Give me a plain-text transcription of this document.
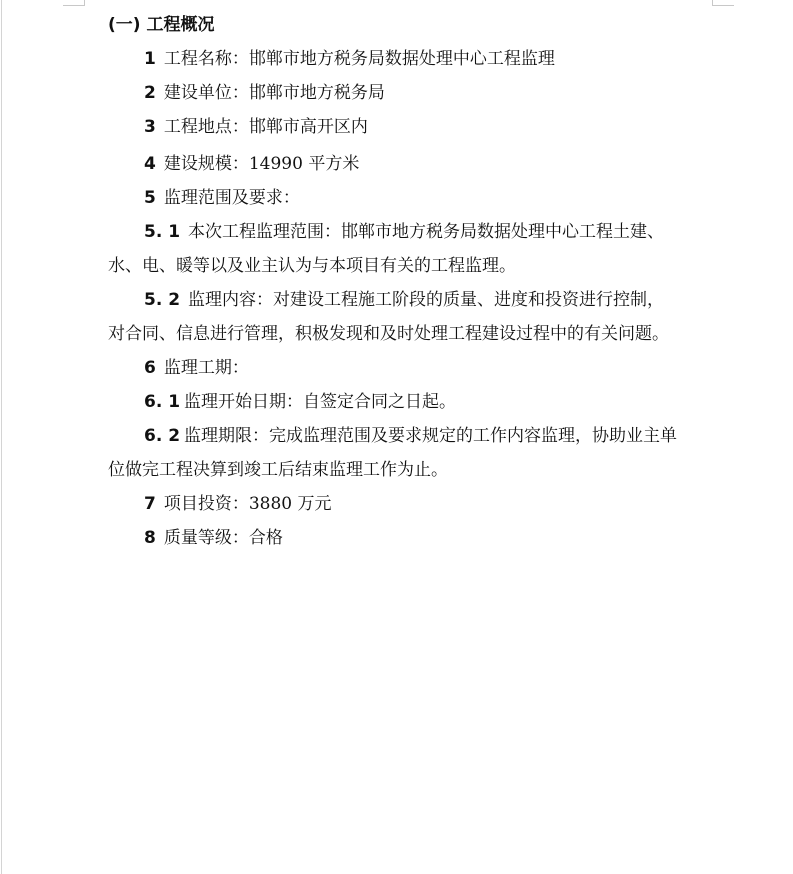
(一) 工程概况
1 工程名称：邯郸市地方税务局数据处理中心工程监理
2 建设单位：邯郸市地方税务局
3 工程地点：邯郸市高开区内
4 建设规模：14990 平方米
5 监理范围及要求：
5. 1 本次工程监理范围：邯郸市地方税务局数据处理中心工程土建、
水、电、暖等以及业主认为与本项目有关的工程监理。
5. 2 监理内容：对建设工程施工阶段的质量、进度和投资进行控制，
对合同、信息进行管理，积极发现和及时处理工程建设过程中的有关问题。
6 监理工期：
6. 1 监理开始日期：自签定合同之日起。
6. 2 监理期限：完成监理范围及要求规定的工作内容监理，协助业主单
位做完工程决算到竣工后结束监理工作为止。
7 项目投资：3880 万元
8 质量等级：合格
